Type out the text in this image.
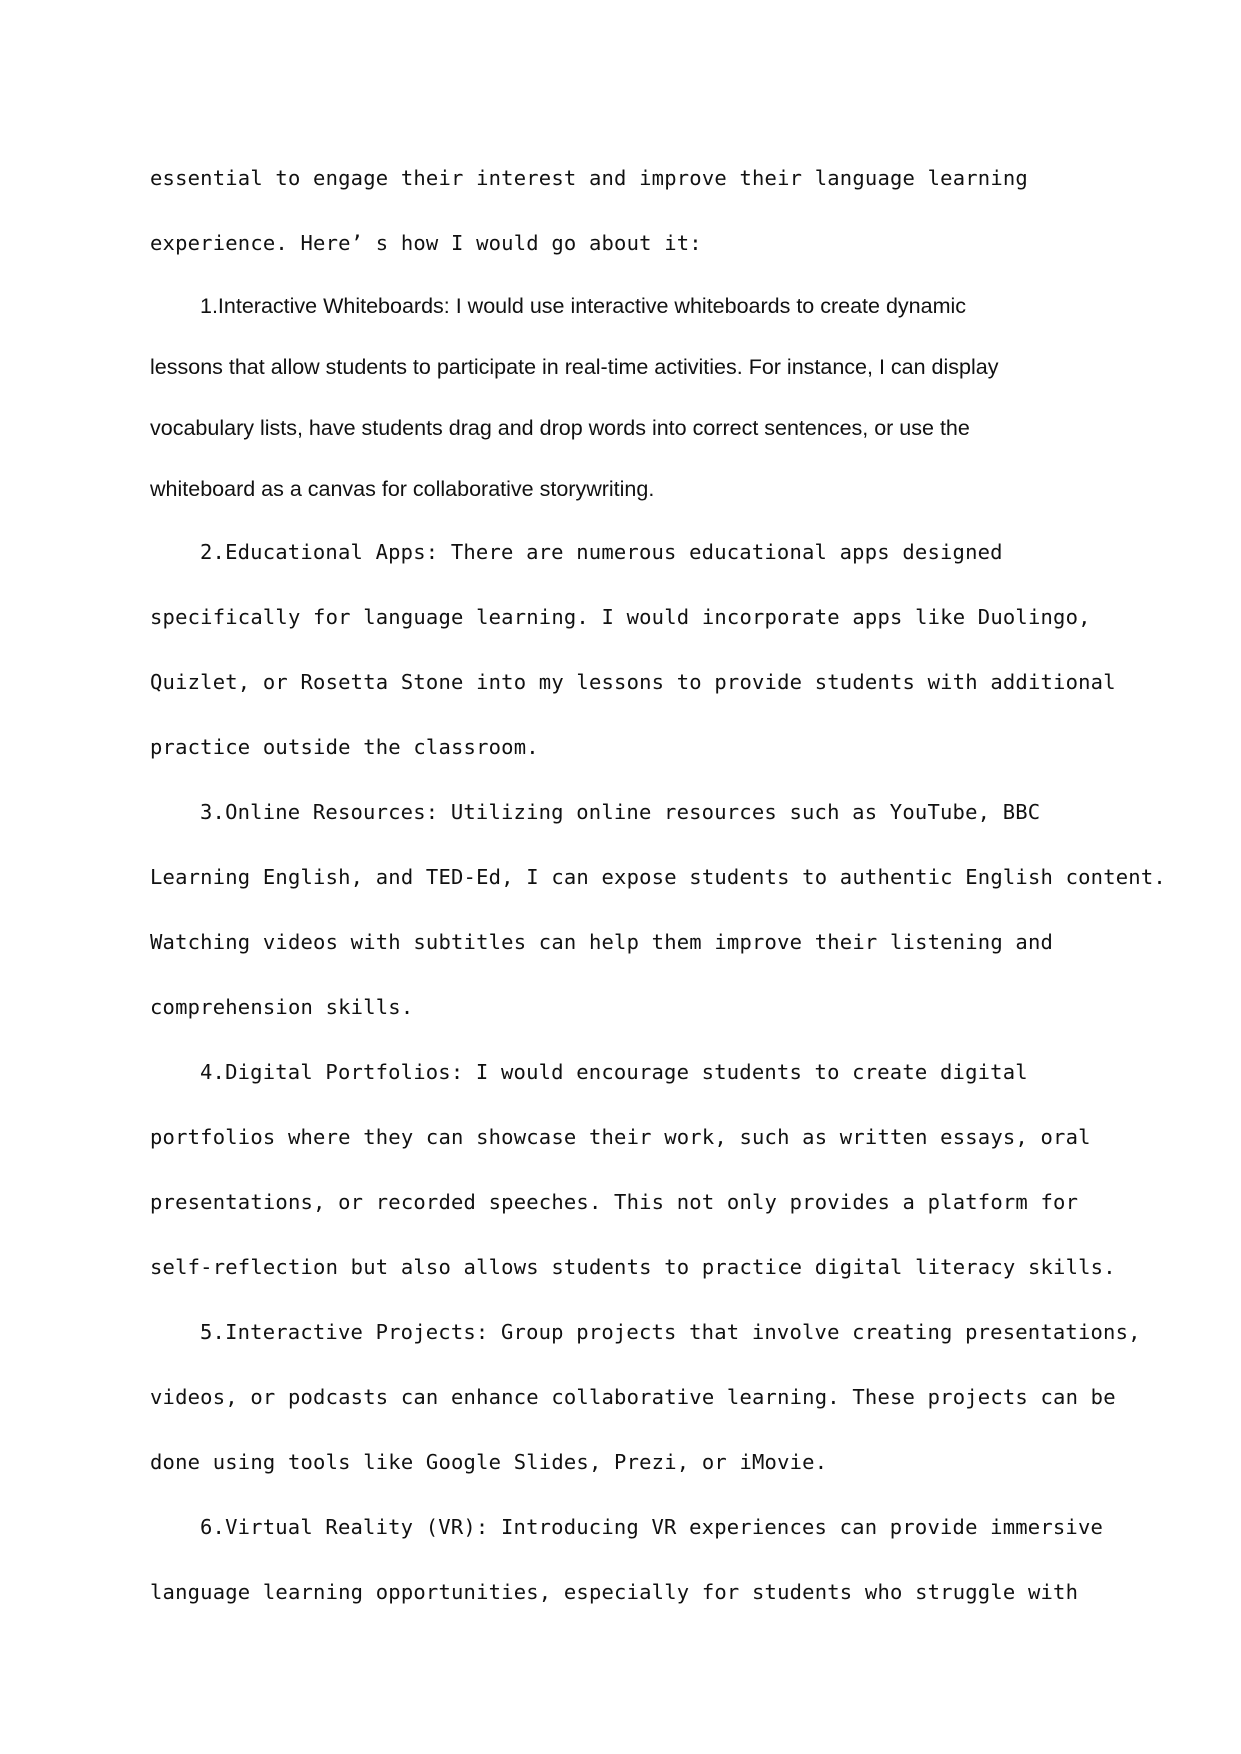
essential to engage their interest and improve their language learning
experience. Here’ s how I would go about it:

1.Interactive Whiteboards: I would use interactive whiteboards to create dynamic
lessons that allow students to participate in real-time activities. For instance, I can display
vocabulary lists, have students drag and drop words into correct sentences, or use the
whiteboard as a canvas for collaborative storywriting.

2.Educational Apps: There are numerous educational apps designed
specifically for language learning. I would incorporate apps like Duolingo,
Quizlet, or Rosetta Stone into my lessons to provide students with additional
practice outside the classroom.

3.Online Resources: Utilizing online resources such as YouTube, BBC
Learning English, and TED-Ed, I can expose students to authentic English content.
Watching videos with subtitles can help them improve their listening and
comprehension skills.

4.Digital Portfolios: I would encourage students to create digital
portfolios where they can showcase their work, such as written essays, oral
presentations, or recorded speeches. This not only provides a platform for
self-reflection but also allows students to practice digital literacy skills.

5.Interactive Projects: Group projects that involve creating presentations,
videos, or podcasts can enhance collaborative learning. These projects can be
done using tools like Google Slides, Prezi, or iMovie.

6.Virtual Reality (VR): Introducing VR experiences can provide immersive
language learning opportunities, especially for students who struggle with
